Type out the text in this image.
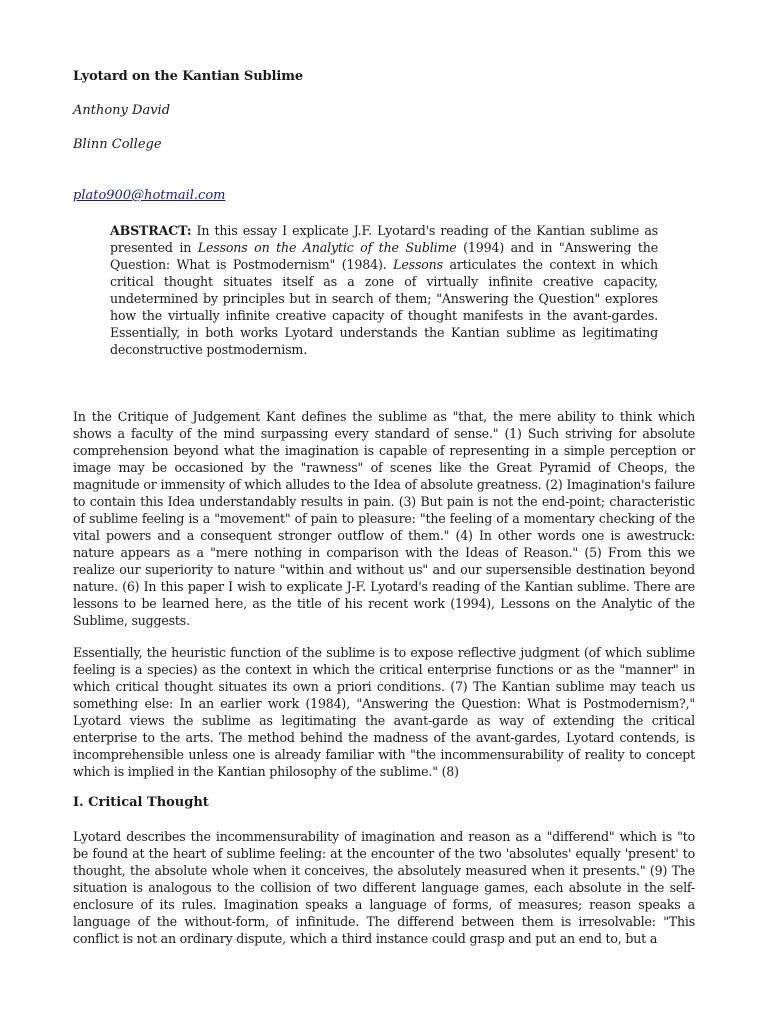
Lyotard on the Kantian Sublime
Anthony David
Blinn College
plato900@hotmail.com
ABSTRACT: In this essay I explicate J.F. Lyotard's reading of the Kantian sublime as presented in Lessons on the Analytic of the Sublime (1994) and in "Answering the Question: What is Postmodernism" (1984). Lessons articulates the context in which critical thought situates itself as a zone of virtually infinite creative capacity, undetermined by principles but in search of them; "Answering the Question" explores how the virtually infinite creative capacity of thought manifests in the avant-gardes. Essentially, in both works Lyotard understands the Kantian sublime as legitimating deconstructive postmodernism.

In the Critique of Judgement Kant defines the sublime as "that, the mere ability to think which shows a faculty of the mind surpassing every standard of sense." (1) Such striving for absolute comprehension beyond what the imagination is capable of representing in a simple perception or image may be occasioned by the "rawness" of scenes like the Great Pyramid of Cheops, the magnitude or immensity of which alludes to the Idea of absolute greatness. (2) Imagination's failure to contain this Idea understandably results in pain. (3) But pain is not the end-point; characteristic of sublime feeling is a "movement" of pain to pleasure: "the feeling of a momentary checking of the vital powers and a consequent stronger outflow of them." (4) In other words one is awestruck: nature appears as a "mere nothing in comparison with the Ideas of Reason." (5) From this we realize our superiority to nature "within and without us" and our supersensible destination beyond nature. (6) In this paper I wish to explicate J-F. Lyotard's reading of the Kantian sublime. There are lessons to be learned here, as the title of his recent work (1994), Lessons on the Analytic of the Sublime, suggests.

Essentially, the heuristic function of the sublime is to expose reflective judgment (of which sublime feeling is a species) as the context in which the critical enterprise functions or as the "manner" in which critical thought situates its own a priori conditions. (7) The Kantian sublime may teach us something else: In an earlier work (1984), "Answering the Question: What is Postmodernism?," Lyotard views the sublime as legitimating the avant-garde as way of extending the critical enterprise to the arts. The method behind the madness of the avant-gardes, Lyotard contends, is incomprehensible unless one is already familiar with "the incommensurability of reality to concept which is implied in the Kantian philosophy of the sublime." (8)

I. Critical Thought

Lyotard describes the incommensurability of imagination and reason as a "differend" which is "to be found at the heart of sublime feeling: at the encounter of the two 'absolutes' equally 'present' to thought, the absolute whole when it conceives, the absolutely measured when it presents." (9) The situation is analogous to the collision of two different language games, each absolute in the self-enclosure of its rules. Imagination speaks a language of forms, of measures; reason speaks a language of the without-form, of infinitude. The differend between them is irresolvable: "This conflict is not an ordinary dispute, which a third instance could grasp and put an end to, but a
